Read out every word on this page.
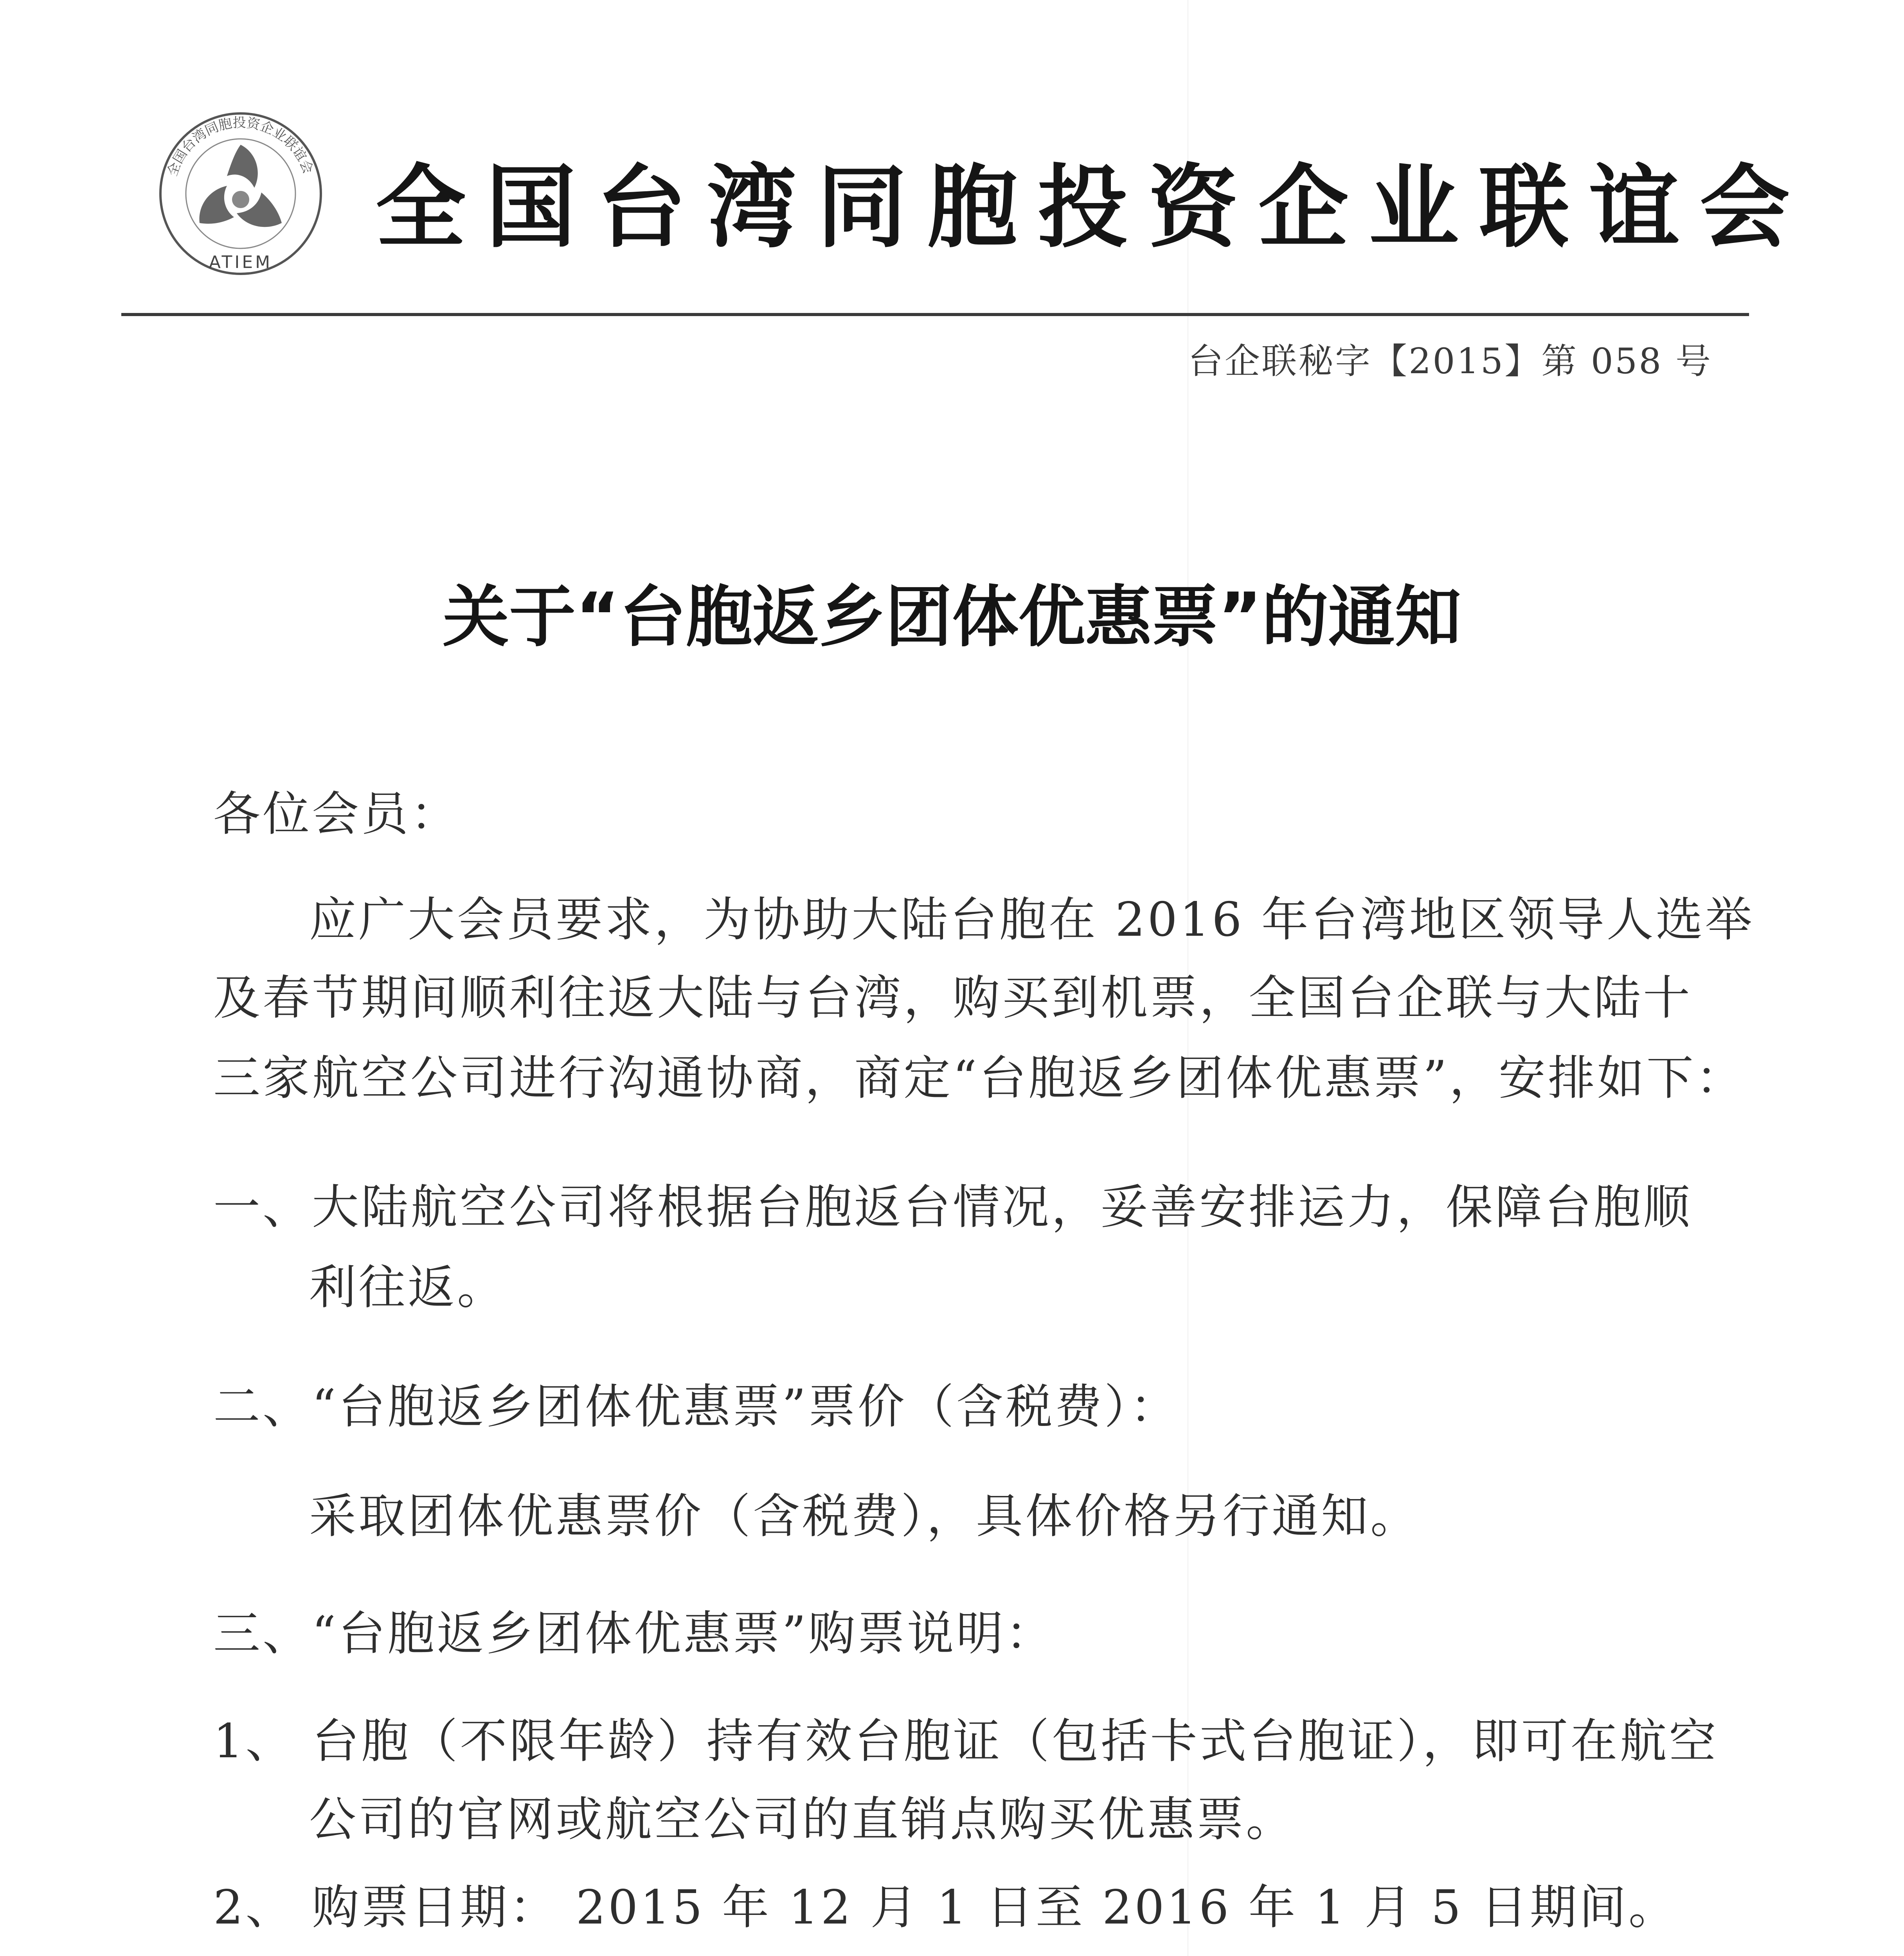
全国台湾同胞投资企业联谊会
ATIEM
全国台湾同胞投资企业联谊会
台企联秘字【2015】第 058 号
关于“台胞返乡团体优惠票”的通知
各位会员：
应广大会员要求，为协助大陆台胞在 2016 年台湾地区领导人选举
及春节期间顺利往返大陆与台湾，购买到机票，全国台企联与大陆十
三家航空公司进行沟通协商，商定“台胞返乡团体优惠票”，安排如下：
一、大陆航空公司将根据台胞返台情况，妥善安排运力，保障台胞顺
利往返。
二、“台胞返乡团体优惠票”票价（含税费）：
采取团体优惠票价（含税费），具体价格另行通知。
三、“台胞返乡团体优惠票”购票说明：
1、 台胞（不限年龄）持有效台胞证（包括卡式台胞证），即可在航空
公司的官网或航空公司的直销点购买优惠票。
2、 购票日期： 2015 年 12 月 1 日至 2016 年 1 月 5 日期间。
